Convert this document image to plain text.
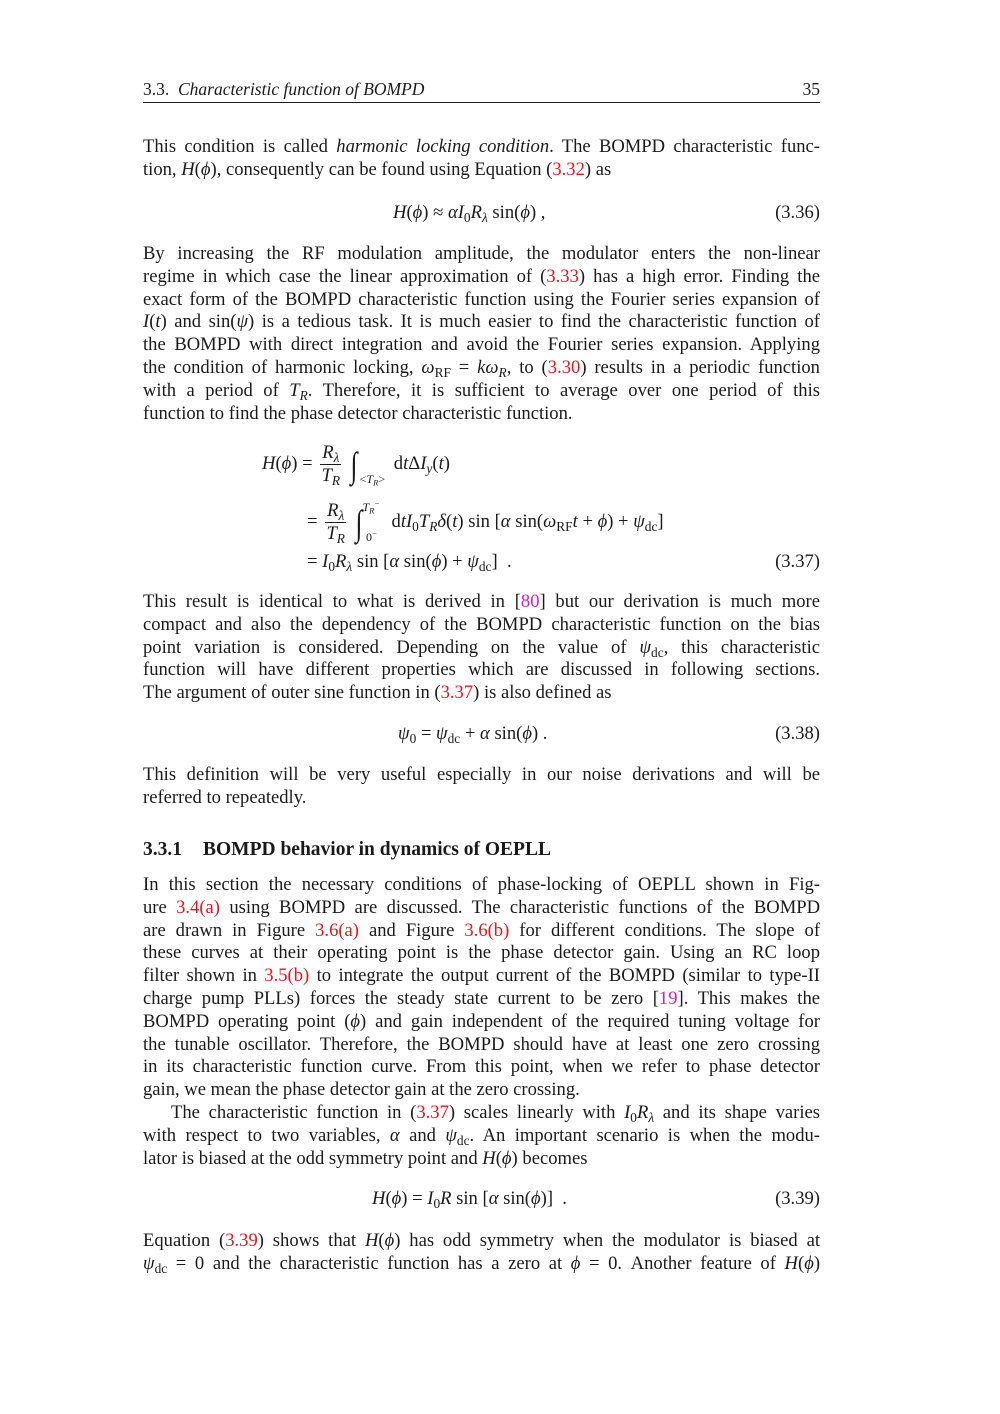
3.3. Characteristic function of BOMPD	35
This condition is called harmonic locking condition. The BOMPD characteristic func-
tion, H(ϕ), consequently can be found using Equation (3.32) as
$H(\phi) \approx \alpha I_0R_\lambda$ sin(ϕ) ,	(3.36)
By increasing the RF modulation amplitude, the modulator enters the non-linear
regime in which case the linear approximation of (3.33) has a high error. Finding the
exact form of the BOMPD characteristic function using the Fourier series expansion of
I(t) and sin(ψ) is a tedious task. It is much easier to find the characteristic function of
the BOMPD with direct integration and avoid the Fourier series expansion. Applying
the condition of harmonic locking, $\omega_{RF} = k\omega_R$, to (3.30) results in a periodic function
with a period of $T_R$. Therefore, it is sufficient to average over one period of this
function to find the phase detector characteristic function.
$H(\phi) = \frac{R_\lambda}{T_R}$ ∫ $_{<T_R>}$ dtΔI$_y$(t)
= $\frac{R_\lambda}{T_R}$ ∫ $^{T_R^-}$ $_{0^-}$ $dtI_0T_R\delta(t)$ sin [α $\sin(\omega_{RF}t + \phi) + \psi_{dc}$]
= $I_0R_\lambda$ sin [α $\sin(\phi) + \psi_{dc}$]  .	(3.37)
This result is identical to what is derived in [80] but our derivation is much more
compact and also the dependency of the BOMPD characteristic function on the bias
point variation is considered. Depending on the value of $\psi_{dc}$, this characteristic
function will have different properties which are discussed in following sections.
The argument of outer sine function in (3.37) is also defined as
$\psi_0 = \psi_{dc} + \alpha$ sin(ϕ) .	(3.38)
This definition will be very useful especially in our noise derivations and will be
referred to repeatedly.
3.3.1 BOMPD behavior in dynamics of OEPLL
In this section the necessary conditions of phase-locking of OEPLL shown in Fig-
ure 3.4(a) using BOMPD are discussed. The characteristic functions of the BOMPD
are drawn in Figure 3.6(a) and Figure 3.6(b) for different conditions. The slope of
these curves at their operating point is the phase detector gain. Using an RC loop
filter shown in 3.5(b) to integrate the output current of the BOMPD (similar to type-II
charge pump PLLs) forces the steady state current to be zero [19]. This makes the
BOMPD operating point (ϕ) and gain independent of the required tuning voltage for
the tunable oscillator. Therefore, the BOMPD should have at least one zero crossing
in its characteristic function curve. From this point, when we refer to phase detector
gain, we mean the phase detector gain at the zero crossing.
The characteristic function in (3.37) scales linearly with $I_0R_\lambda$ and its shape varies
with respect to two variables, α and $\psi_{dc}$. An important scenario is when the modu-
lator is biased at the odd symmetry point and H(ϕ) becomes
$H(\phi) = I_0R$ sin [α sin(ϕ)]  .	(3.39)
Equation (3.39) shows that H(ϕ) has odd symmetry when the modulator is biased at
$\psi_{dc} = 0$ and the characteristic function has a zero at ϕ = 0. Another feature of H(ϕ)
